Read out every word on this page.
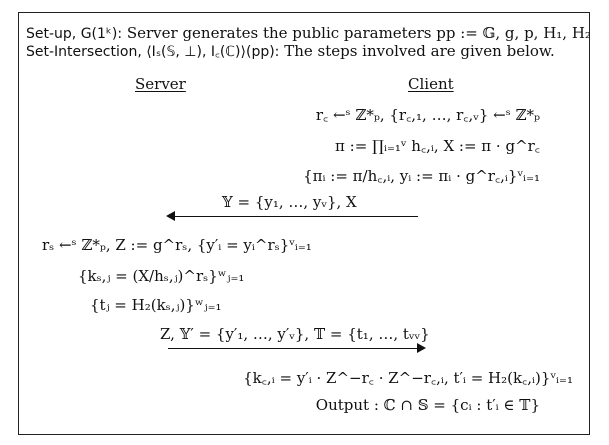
Set-up, G(1ᵏ): Server generates the public parameters pp := 𝔾, g, p, H₁, H₂
Set-Intersection, ⟨Iₛ(𝕊, ⊥), I꜀(ℂ)⟩(pp): The steps involved are given below.
Server	Client
r꜀ ←ˢ ℤ*ₚ, {r꜀,₁, …, r꜀,ᵥ} ←ˢ ℤ*ₚ
π := ∏ᵢ₌₁ᵛ h꜀,ᵢ, X := π · g^r꜀
{πᵢ := π/h꜀,ᵢ, yᵢ := πᵢ · g^r꜀,ᵢ}ᵛᵢ₌₁
𝕐 = {y₁, …, yᵥ}, X
rₛ ←ˢ ℤ*ₚ, Z := g^rₛ, {y′ᵢ = yᵢ^rₛ}ᵛᵢ₌₁
{kₛ,ⱼ = (X/hₛ,ⱼ)^rₛ}ʷⱼ₌₁
{tⱼ = H₂(kₛ,ⱼ)}ʷⱼ₌₁
Z, 𝕐′ = {y′₁, …, y′ᵥ}, 𝕋 = {t₁, …, tᵥᵥ}
{k꜀,ᵢ = y′ᵢ · Z^−r꜀ · Z^−r꜀,ᵢ, t′ᵢ = H₂(k꜀,ᵢ)}ᵛᵢ₌₁
Output : ℂ ∩ 𝕊 = {cᵢ : t′ᵢ ∈ 𝕋}
